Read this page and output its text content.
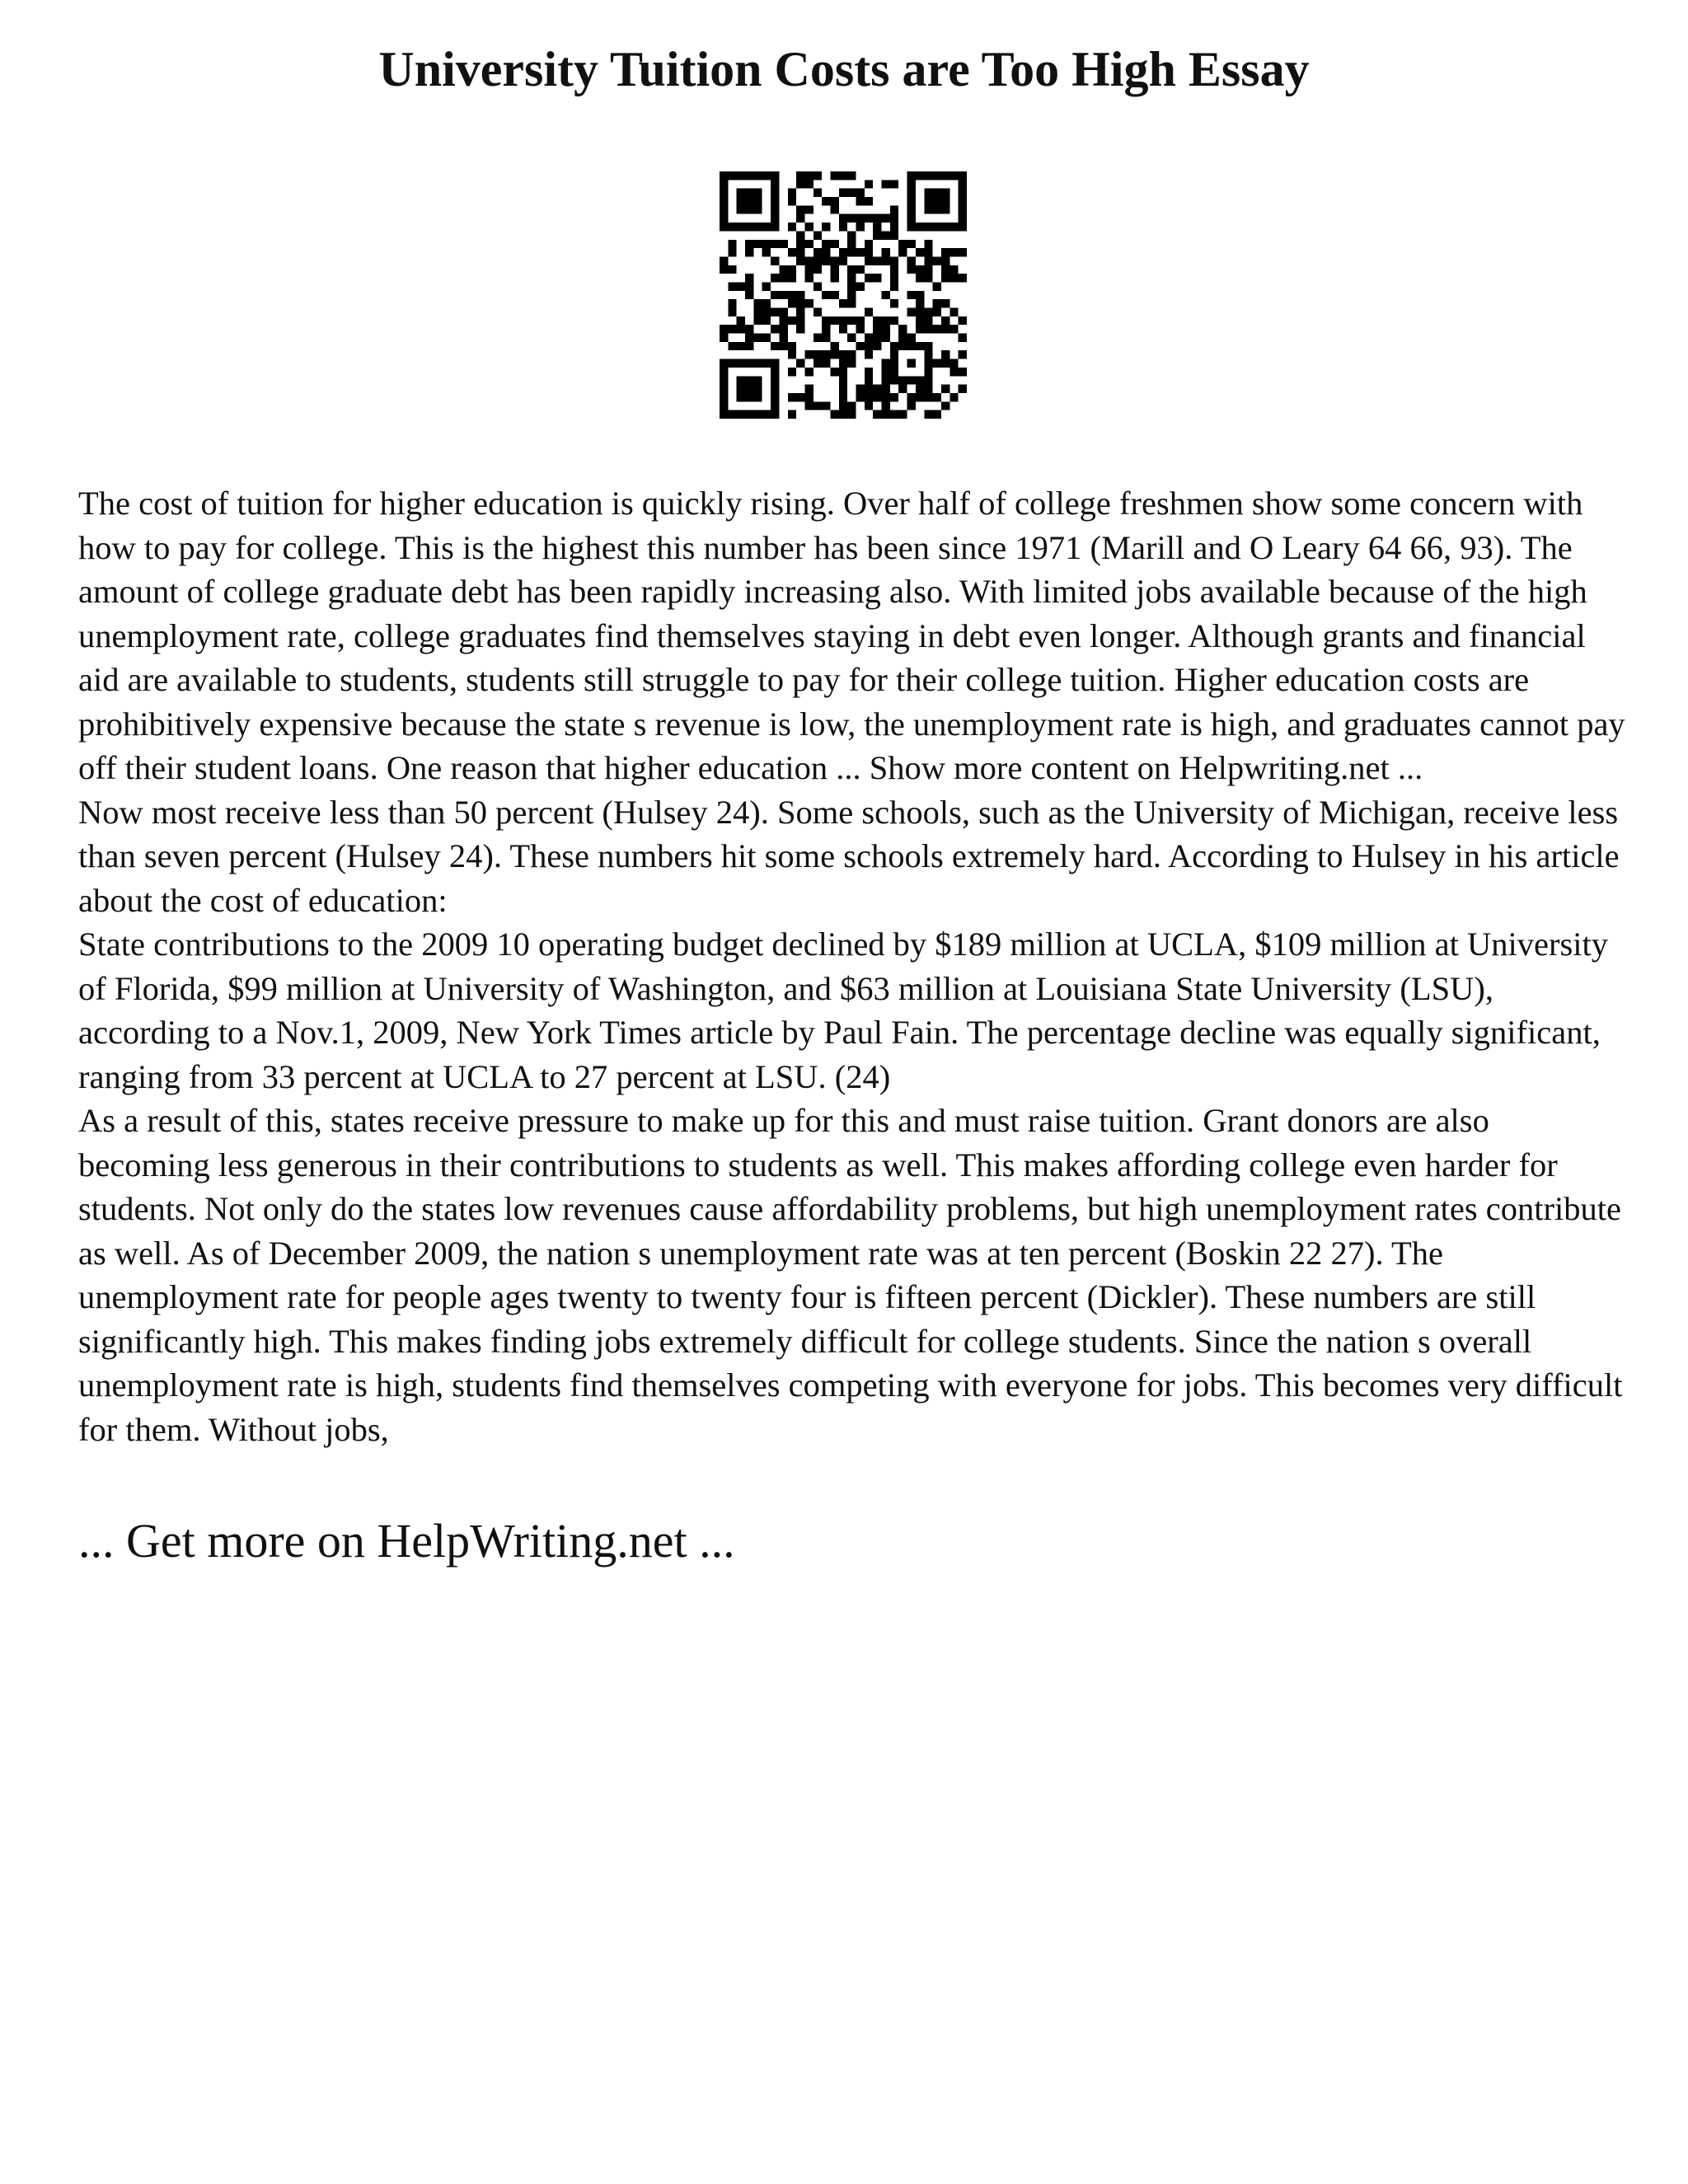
University Tuition Costs are Too High Essay

The cost of tuition for higher education is quickly rising. Over half of college freshmen show some concern with how to pay for college. This is the highest this number has been since 1971 (Marill and O Leary 64 66, 93). The amount of college graduate debt has been rapidly increasing also. With limited jobs available because of the high unemployment rate, college graduates find themselves staying in debt even longer. Although grants and financial aid are available to students, students still struggle to pay for their college tuition. Higher education costs are prohibitively expensive because the state s revenue is low, the unemployment rate is high, and graduates cannot pay off their student loans. One reason that higher education ... Show more content on Helpwriting.net ...

Now most receive less than 50 percent (Hulsey 24). Some schools, such as the University of Michigan, receive less than seven percent (Hulsey 24). These numbers hit some schools extremely hard. According to Hulsey in his article about the cost of education:

State contributions to the 2009 10 operating budget declined by $189 million at UCLA, $109 million at University of Florida, $99 million at University of Washington, and $63 million at Louisiana State University (LSU), according to a Nov.1, 2009, New York Times article by Paul Fain. The percentage decline was equally significant, ranging from 33 percent at UCLA to 27 percent at LSU. (24)

As a result of this, states receive pressure to make up for this and must raise tuition. Grant donors are also becoming less generous in their contributions to students as well. This makes affording college even harder for students. Not only do the states low revenues cause affordability problems, but high unemployment rates contribute as well. As of December 2009, the nation s unemployment rate was at ten percent (Boskin 22 27). The unemployment rate for people ages twenty to twenty four is fifteen percent (Dickler). These numbers are still significantly high. This makes finding jobs extremely difficult for college students. Since the nation s overall unemployment rate is high, students find themselves competing with everyone for jobs. This becomes very difficult for them. Without jobs,

... Get more on HelpWriting.net ...
